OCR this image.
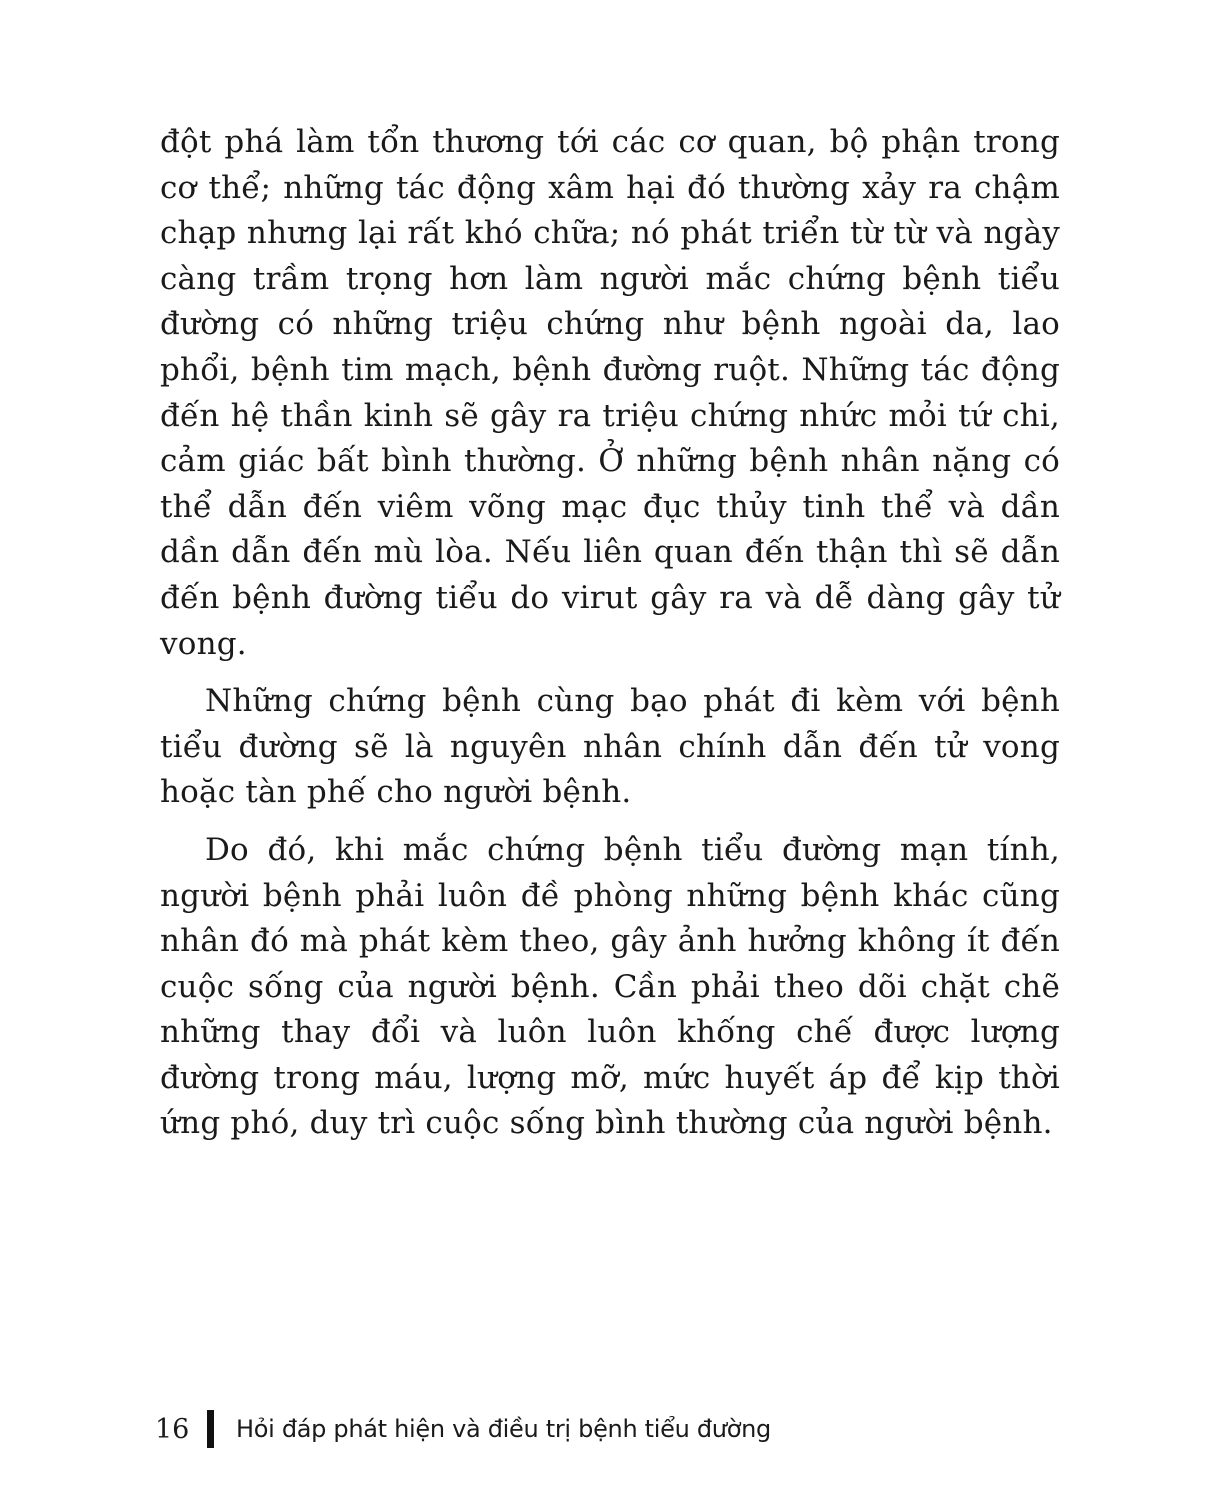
đột phá làm tổn thương tới các cơ quan, bộ phận trong cơ thể; những tác động xâm hại đó thường xảy ra chậm chạp nhưng lại rất khó chữa; nó phát triển từ từ và ngày càng trầm trọng hơn làm người mắc chứng bệnh tiểu đường có những triệu chứng như bệnh ngoài da, lao phổi, bệnh tim mạch, bệnh đường ruột. Những tác động đến hệ thần kinh sẽ gây ra triệu chứng nhức mỏi tứ chi, cảm giác bất bình thường. Ở những bệnh nhân nặng có thể dẫn đến viêm võng mạc đục thủy tinh thể và dần dần dẫn đến mù lòa. Nếu liên quan đến thận thì sẽ dẫn đến bệnh đường tiểu do virut gây ra và dễ dàng gây tử vong.

Những chứng bệnh cùng bạo phát đi kèm với bệnh tiểu đường sẽ là nguyên nhân chính dẫn đến tử vong hoặc tàn phế cho người bệnh.

Do đó, khi mắc chứng bệnh tiểu đường mạn tính, người bệnh phải luôn đề phòng những bệnh khác cũng nhân đó mà phát kèm theo, gây ảnh hưởng không ít đến cuộc sống của người bệnh. Cần phải theo dõi chặt chẽ những thay đổi và luôn luôn khống chế được lượng đường trong máu, lượng mỡ, mức huyết áp để kịp thời ứng phó, duy trì cuộc sống bình thường của người bệnh.

16	Hỏi đáp phát hiện và điều trị bệnh tiểu đường
